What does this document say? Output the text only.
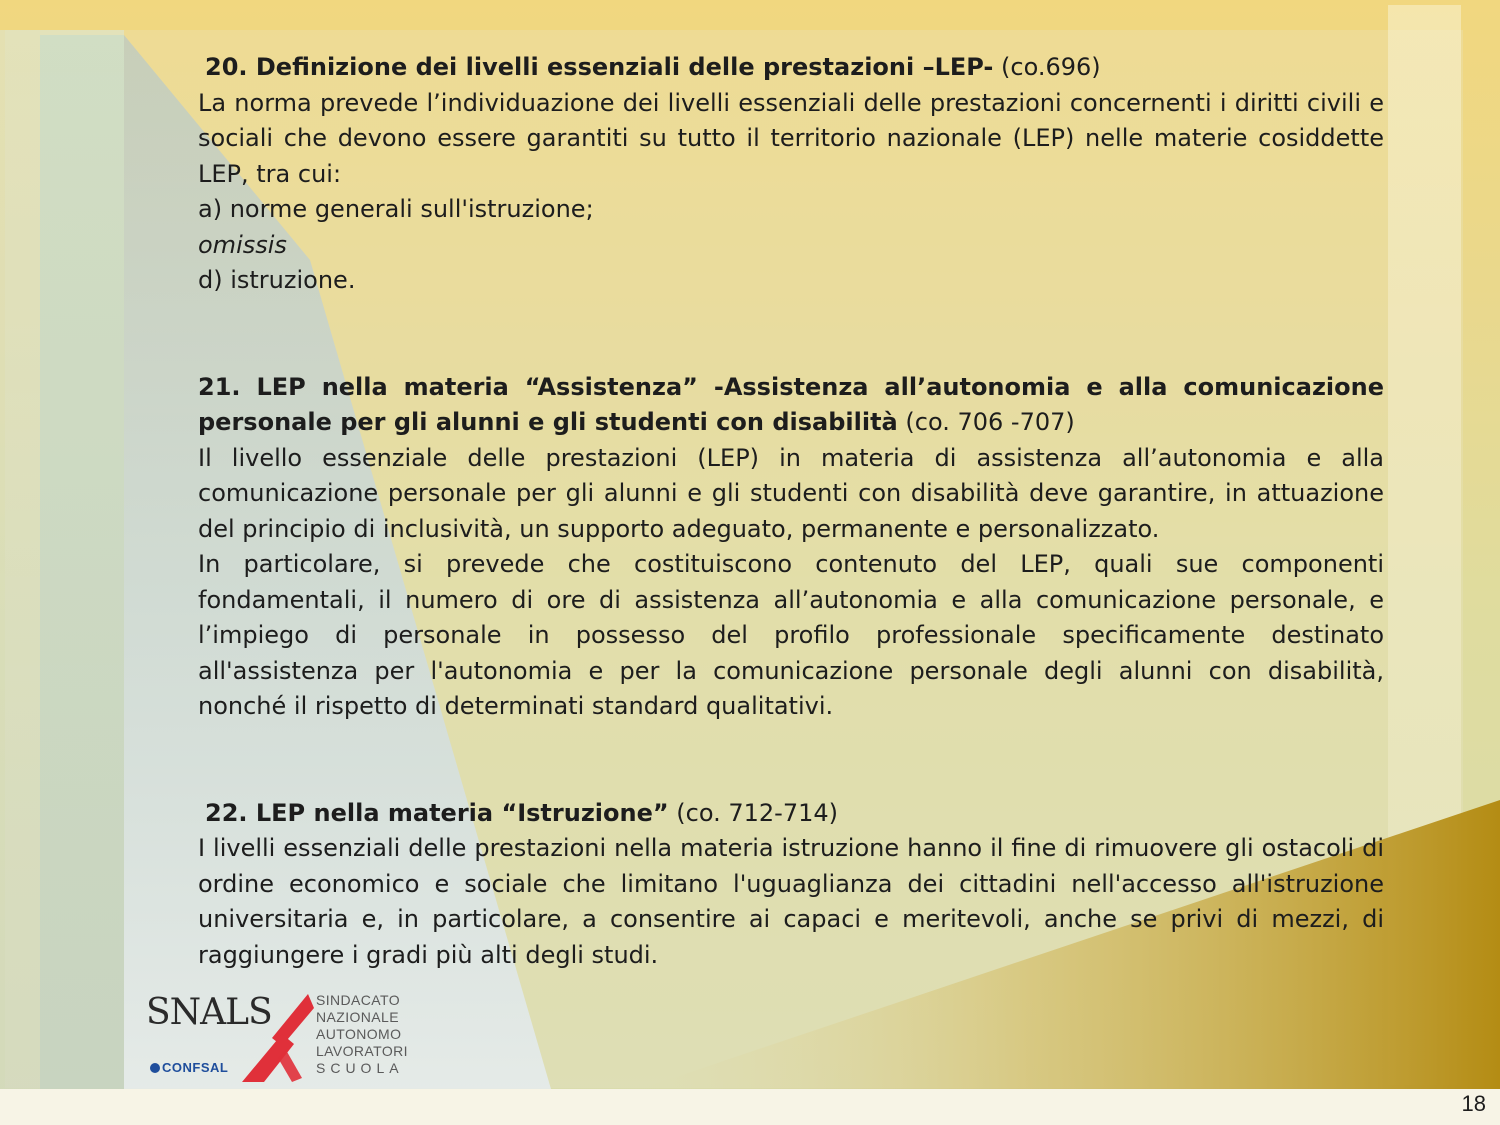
20. Definizione dei livelli essenziali delle prestazioni –LEP- (co.696)

La norma prevede l’individuazione dei livelli essenziali delle prestazioni concernenti i diritti civili e sociali che devono essere garantiti su tutto il territorio nazionale (LEP) nelle materie cosiddette LEP, tra cui:

a) norme generali sull'istruzione;

omissis

d) istruzione.

21. LEP nella materia “Assistenza” -Assistenza all’autonomia e alla comunicazione personale per gli alunni e gli studenti con disabilità (co. 706 -707)

Il livello essenziale delle prestazioni (LEP) in materia di assistenza all’autonomia e alla comunicazione personale per gli alunni e gli studenti con disabilità deve garantire, in attuazione del principio di inclusività, un supporto adeguato, permanente e personalizzato.

In particolare, si prevede che costituiscono contenuto del LEP, quali sue componenti fondamentali, il numero di ore di assistenza all’autonomia e alla comunicazione personale, e l’impiego di personale in possesso del profilo professionale specificamente destinato all'assistenza per l'autonomia e per la comunicazione personale degli alunni con disabilità, nonché il rispetto di determinati standard qualitativi.

22. LEP nella materia “Istruzione” (co. 712-714)

I livelli essenziali delle prestazioni nella materia istruzione hanno il fine di rimuovere gli ostacoli di ordine economico e sociale che limitano l'uguaglianza dei cittadini nell'accesso all'istruzione universitaria e, in particolare, a consentire ai capaci e meritevoli, anche se privi di mezzi, di raggiungere i gradi più alti degli studi.

SNALS
CONFSAL
SINDACATO
NAZIONALE
AUTONOMO
LAVORATORI
SCUOLA
18
